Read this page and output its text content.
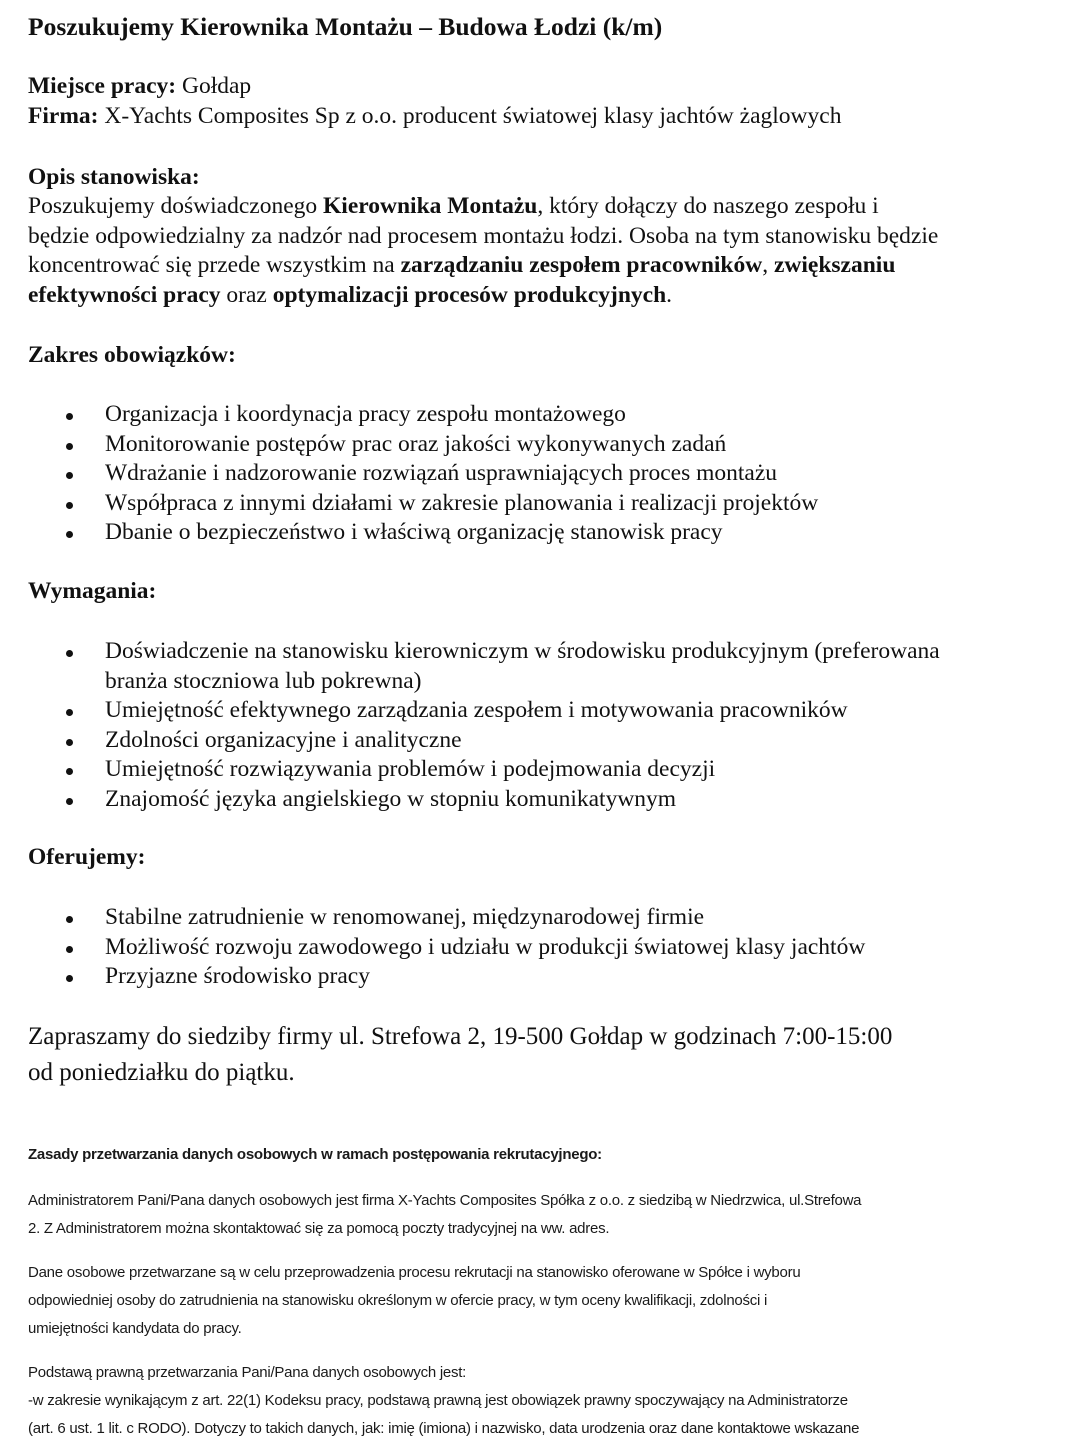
Poszukujemy Kierownika Montażu – Budowa Łodzi (k/m)
Miejsce pracy: Gołdap
Firma: X-Yachts Composites Sp z o.o. producent światowej klasy jachtów żaglowych
Opis stanowiska:
Poszukujemy doświadczonego Kierownika Montażu, który dołączy do naszego zespołu i
będzie odpowiedzialny za nadzór nad procesem montażu łodzi. Osoba na tym stanowisku będzie
koncentrować się przede wszystkim na zarządzaniu zespołem pracowników, zwiększaniu
efektywności pracy oraz optymalizacji procesów produkcyjnych.
Zakres obowiązków:
Organizacja i koordynacja pracy zespołu montażowego
Monitorowanie postępów prac oraz jakości wykonywanych zadań
Wdrażanie i nadzorowanie rozwiązań usprawniających proces montażu
Współpraca z innymi działami w zakresie planowania i realizacji projektów
Dbanie o bezpieczeństwo i właściwą organizację stanowisk pracy
Wymagania:
Doświadczenie na stanowisku kierowniczym w środowisku produkcyjnym (preferowana
branża stoczniowa lub pokrewna)
Umiejętność efektywnego zarządzania zespołem i motywowania pracowników
Zdolności organizacyjne i analityczne
Umiejętność rozwiązywania problemów i podejmowania decyzji
Znajomość języka angielskiego w stopniu komunikatywnym
Oferujemy:
Stabilne zatrudnienie w renomowanej, międzynarodowej firmie
Możliwość rozwoju zawodowego i udziału w produkcji światowej klasy jachtów
Przyjazne środowisko pracy
Zapraszamy do siedziby firmy ul. Strefowa 2, 19-500 Gołdap w godzinach 7:00-15:00
od poniedziałku do piątku.

Zasady przetwarzania danych osobowych w ramach postępowania rekrutacyjnego:

Administratorem Pani/Pana danych osobowych jest firma X-Yachts Composites Spółka z o.o. z siedzibą w Niedrzwica, ul.Strefowa

2. Z Administratorem można skontaktować się za pomocą poczty tradycyjnej na ww. adres.

Dane osobowe przetwarzane są w celu przeprowadzenia procesu rekrutacji na stanowisko oferowane w Spółce i wyboru

odpowiedniej osoby do zatrudnienia na stanowisku określonym w ofercie pracy, w tym oceny kwalifikacji, zdolności i

umiejętności kandydata do pracy.

Podstawą prawną przetwarzania Pani/Pana danych osobowych jest:

-w zakresie wynikającym z art. 22(1) Kodeksu pracy, podstawą prawną jest obowiązek prawny spoczywający na Administratorze

(art. 6 ust. 1 lit. c RODO). Dotyczy to takich danych, jak: imię (imiona) i nazwisko, data urodzenia oraz dane kontaktowe wskazane
